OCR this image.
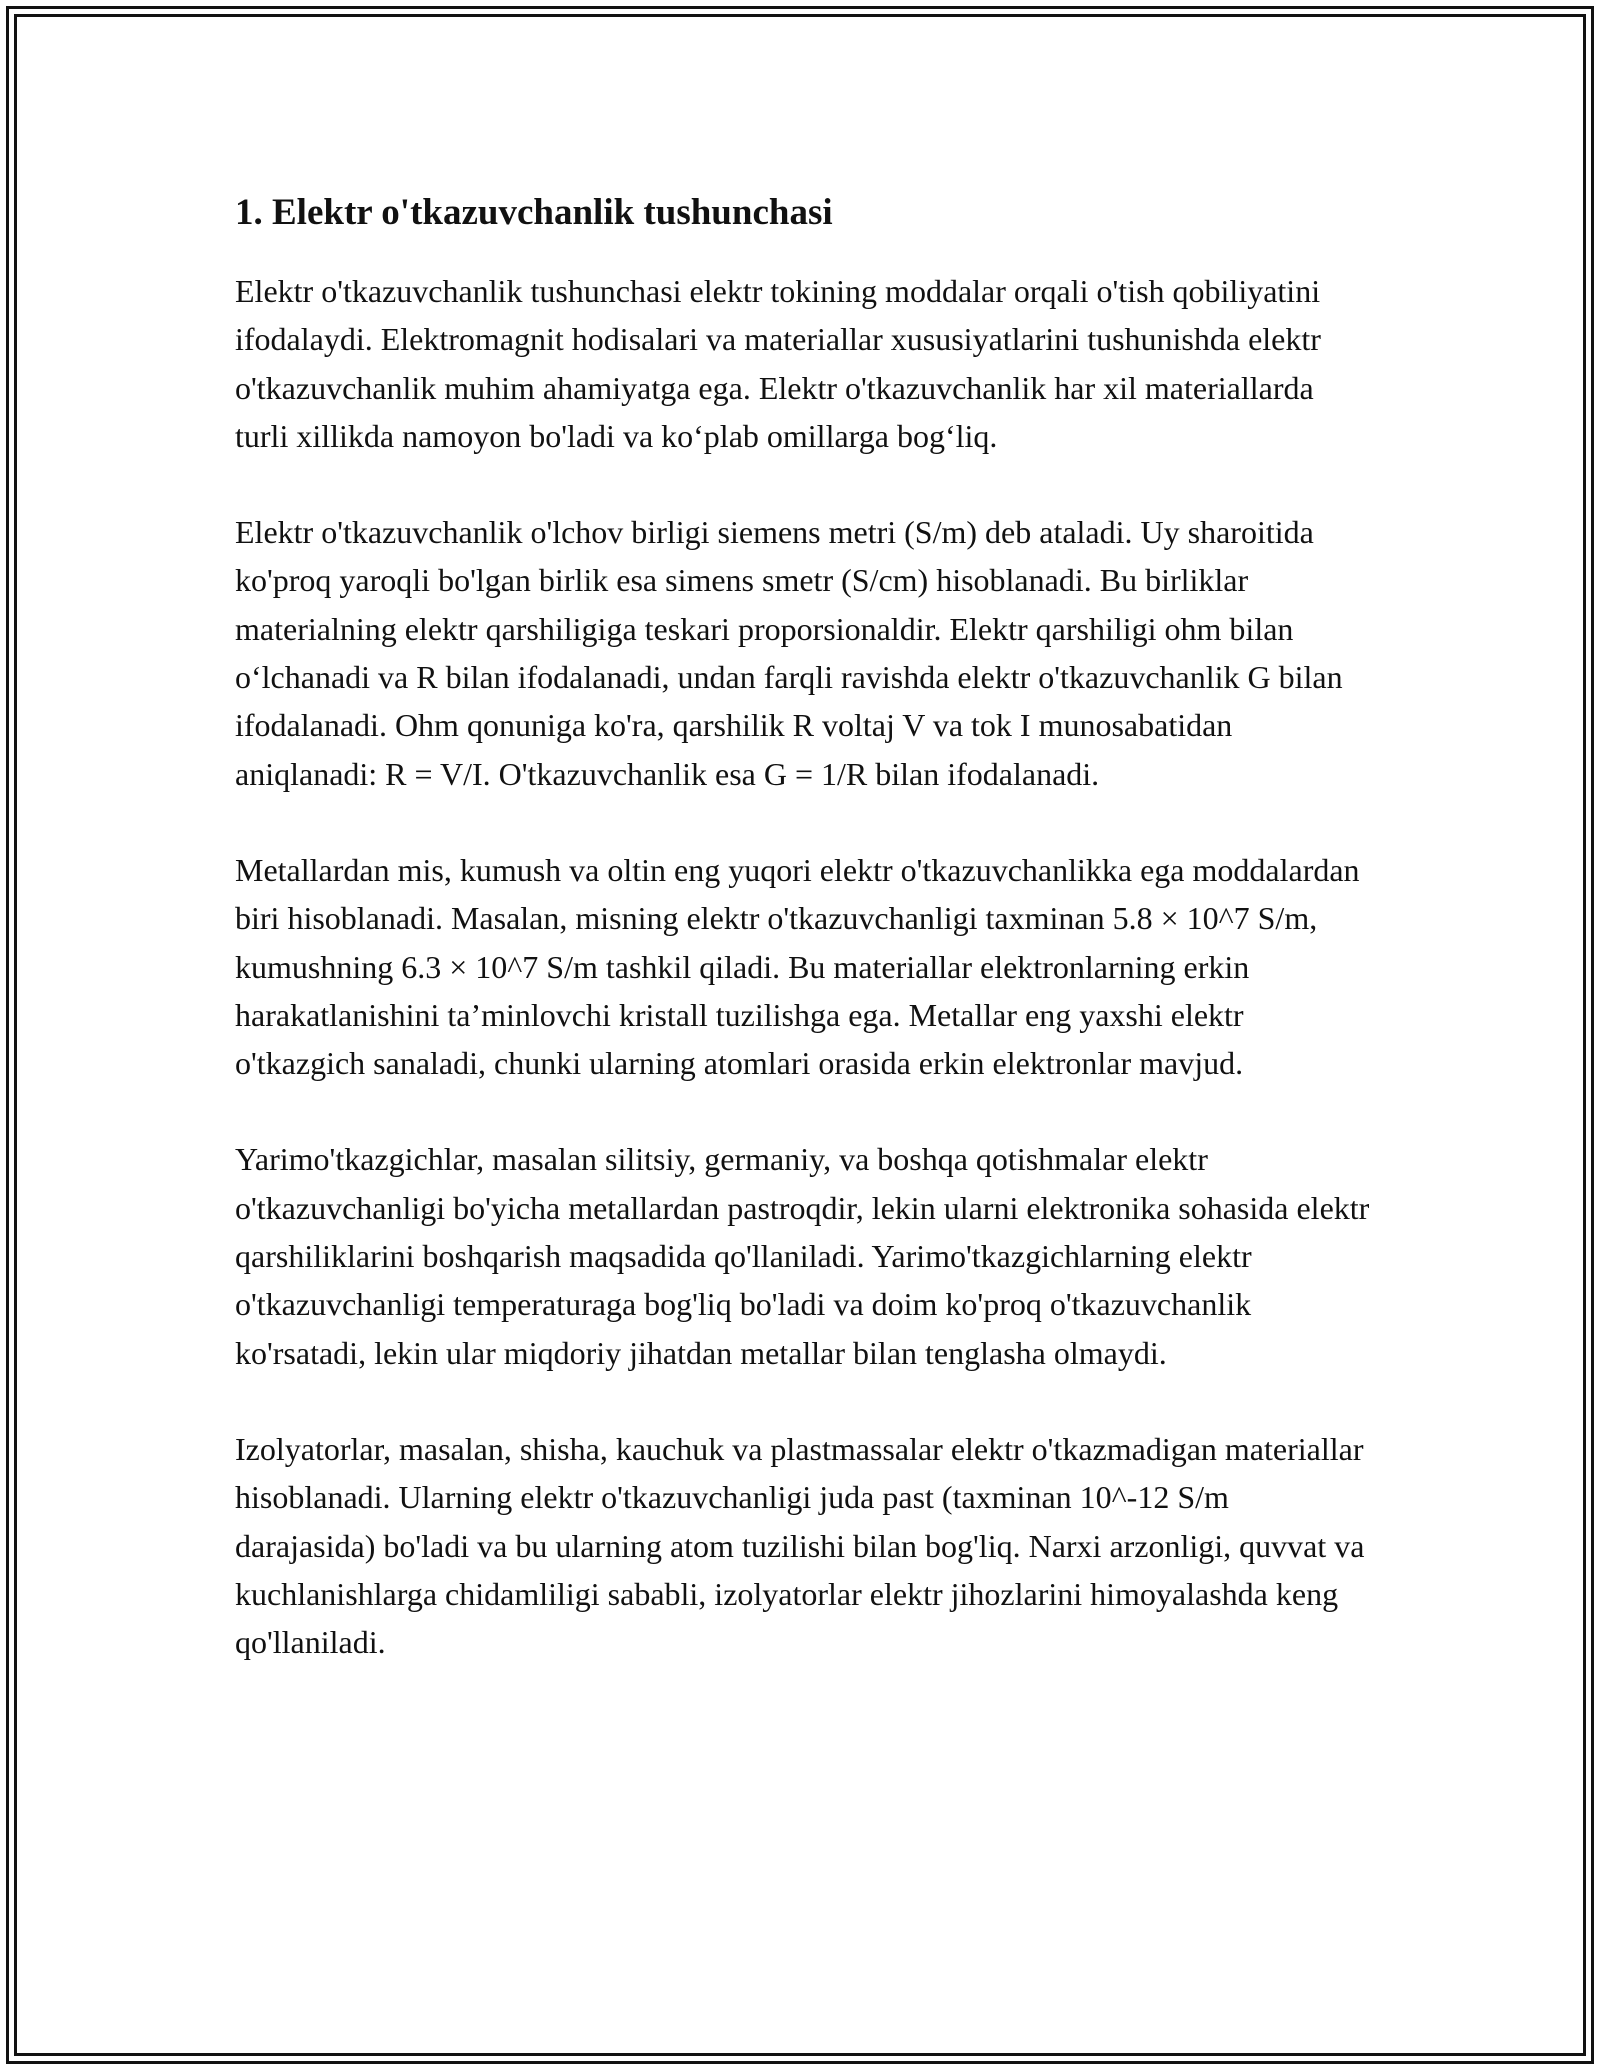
1. Elektr o'tkazuvchanlik tushunchasi

Elektr o'tkazuvchanlik tushunchasi elektr tokining moddalar orqali o'tish qobiliyatini ifodalaydi. Elektromagnit hodisalari va materiallar xususiyatlarini tushunishda elektr o'tkazuvchanlik muhim ahamiyatga ega. Elektr o'tkazuvchanlik har xil materiallarda turli xillikda namoyon bo'ladi va ko‘plab omillarga bog‘liq.

Elektr o'tkazuvchanlik o'lchov birligi siemens metri (S/m) deb ataladi. Uy sharoitida ko'proq yaroqli bo'lgan birlik esa simens smetr (S/cm) hisoblanadi. Bu birliklar materialning elektr qarshiligiga teskari proporsionaldir. Elektr qarshiligi ohm bilan o‘lchanadi va R bilan ifodalanadi, undan farqli ravishda elektr o'tkazuvchanlik G bilan ifodalanadi. Ohm qonuniga ko'ra, qarshilik R voltaj V va tok I munosabatidan aniqlanadi: R = V/I. O'tkazuvchanlik esa G = 1/R bilan ifodalanadi.

Metallardan mis, kumush va oltin eng yuqori elektr o'tkazuvchanlikka ega moddalardan biri hisoblanadi. Masalan, misning elektr o'tkazuvchanligi taxminan 5.8 × 10^7 S/m, kumushning 6.3 × 10^7 S/m tashkil qiladi. Bu materiallar elektronlarning erkin harakatlanishini ta’minlovchi kristall tuzilishga ega. Metallar eng yaxshi elektr o'tkazgich sanaladi, chunki ularning atomlari orasida erkin elektronlar mavjud.

Yarimo'tkazgichlar, masalan silitsiy, germaniy, va boshqa qotishmalar elektr o'tkazuvchanligi bo'yicha metallardan pastroqdir, lekin ularni elektronika sohasida elektr qarshiliklarini boshqarish maqsadida qo'llaniladi. Yarimo'tkazgichlarning elektr o'tkazuvchanligi temperaturaga bog'liq bo'ladi va doim ko'proq o'tkazuvchanlik ko'rsatadi, lekin ular miqdoriy jihatdan metallar bilan tenglasha olmaydi.

Izolyatorlar, masalan, shisha, kauchuk va plastmassalar elektr o'tkazmadigan materiallar hisoblanadi. Ularning elektr o'tkazuvchanligi juda past (taxminan 10^-12 S/m darajasida) bo'ladi va bu ularning atom tuzilishi bilan bog'liq. Narxi arzonligi, quvvat va kuchlanishlarga chidamliligi sababli, izolyatorlar elektr jihozlarini himoyalashda keng qo'llaniladi.
